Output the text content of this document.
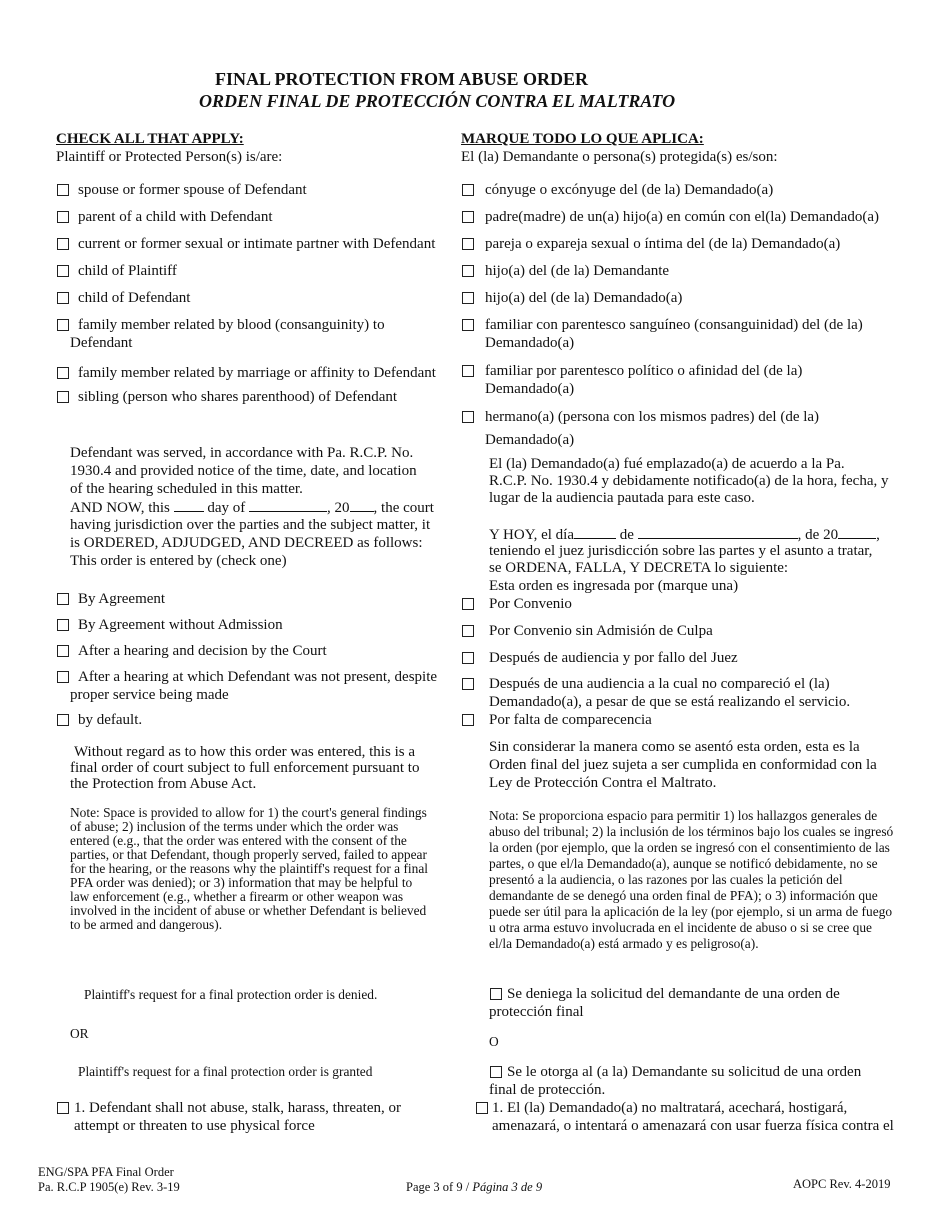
FINAL PROTECTION FROM ABUSE ORDER
ORDEN FINAL DE PROTECCIÓN CONTRA EL MALTRATO
CHECK ALL THAT APPLY:
Plaintiff or Protected Person(s) is/are:
spouse or former spouse of Defendant
parent of a child with Defendant
current or former sexual or intimate partner with Defendant
child of Plaintiff
child of Defendant
family member related by blood (consanguinity) to
Defendant
family member related by marriage or affinity to Defendant
sibling (person who shares parenthood) of Defendant
Defendant was served, in accordance with Pa. R.C.P. No.
1930.4 and provided notice of the time, date, and location
of the hearing scheduled in this matter.
AND NOW, this  day of	, 20 , the court
having jurisdiction over the parties and the subject matter, it
is ORDERED, ADJUDGED, AND DECREED as follows:
This order is entered by (check one)
By Agreement
By Agreement without Admission
After a hearing and decision by the Court
After a hearing at which Defendant was not present, despite
proper service being made
by default.
Without regard as to how this order was entered, this is a
final order of court subject to full enforcement pursuant to
the Protection from Abuse Act.
Note: Space is provided to allow for 1) the court's general findings
of abuse; 2) inclusion of the terms under which the order was
entered (e.g., that the order was entered with the consent of the
parties, or that Defendant, though properly served, failed to appear
for the hearing, or the reasons why the plaintiff's request for a final
PFA order was denied); or 3) information that may be helpful to
law enforcement (e.g., whether a firearm or other weapon was
involved in the incident of abuse or whether Defendant is believed
to be armed and dangerous).
Plaintiff's request for a final protection order is denied.
OR
Plaintiff's request for a final protection order is granted
1. Defendant shall not abuse, stalk, harass, threaten, or
attempt or threaten to use physical force
MARQUE TODO LO QUE APLICA:
El (la) Demandante o persona(s) protegida(s) es/son:
cónyuge o excónyuge del (de la) Demandado(a)
padre(madre) de un(a) hijo(a) en común con el(la) Demandado(a)
pareja o expareja sexual o íntima del (de la) Demandado(a)
hijo(a) del (de la) Demandante
hijo(a) del (de la) Demandado(a)
familiar con parentesco sanguíneo (consanguinidad) del (de la)
Demandado(a)
familiar por parentesco político o afinidad del (de la)
Demandado(a)
hermano(a) (persona con los mismos padres) del (de la)
Demandado(a)
El (la) Demandado(a) fué emplazado(a) de acuerdo a la Pa.
R.C.P. No. 1930.4 y debidamente notificado(a) de la hora, fecha, y
lugar de la audiencia pautada para este caso.
Y HOY, el día	de	, de 20	,
teniendo el juez jurisdicción sobre las partes y el asunto a tratar,
se ORDENA, FALLA, Y DECRETA lo siguiente:
Esta orden es ingresada por (marque una)
Por Convenio
Por Convenio sin Admisión de Culpa
Después de audiencia y por fallo del Juez
Después de una audiencia a la cual no compareció el (la)
Demandado(a), a pesar de que se está realizando el servicio.
Por falta de comparecencia
Sin considerar la manera como se asentó esta orden, esta es la
Orden final del juez sujeta a ser cumplida en conformidad con la
Ley de Protección Contra el Maltrato.
Nota: Se proporciona espacio para permitir 1) los hallazgos generales de
abuso del tribunal; 2) la inclusión de los términos bajo los cuales se ingresó
la orden (por ejemplo, que la orden se ingresó con el consentimiento de las
partes, o que el/la Demandado(a), aunque se notificó debidamente, no se
presentó a la audiencia, o las razones por las cuales la petición del
demandante de se denegó una orden final de PFA); o 3) información que
puede ser útil para la aplicación de la ley (por ejemplo, si un arma de fuego
u otra arma estuvo involucrada en el incidente de abuso o si se cree que
el/la Demandado(a) está armado y es peligroso(a).
Se deniega la solicitud del demandante de una orden de
protección final
O
Se le otorga al (a la) Demandante su solicitud de una orden
final de protección.
1. El (la) Demandado(a) no maltratará, acechará, hostigará,
amenazará, o intentará o amenazará con usar fuerza física contra el
ENG/SPA PFA Final Order
Pa. R.C.P 1905(e) Rev. 3-19	Page 3 of 9 / Página 3 de 9	AOPC Rev. 4-2019
